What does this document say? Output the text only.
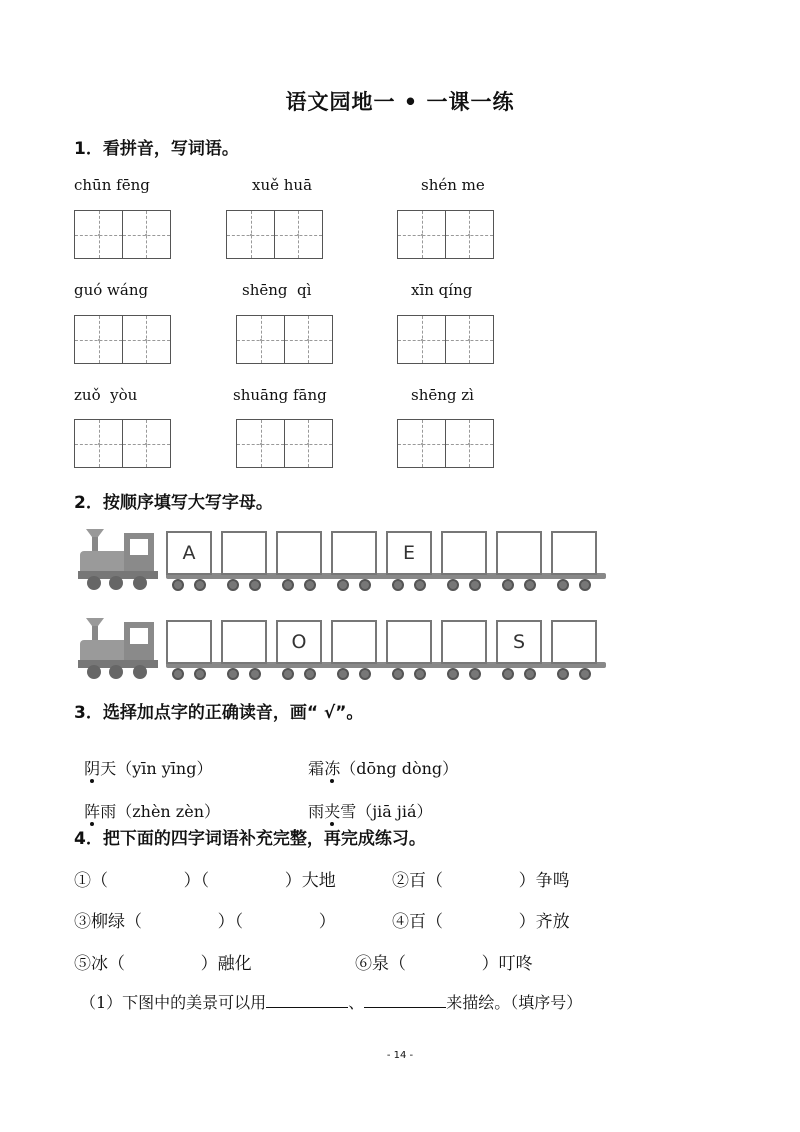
语文园地一 • 一课一练
1．看拼音，写词语。
chūn fēng	xuě huā	shén me
guó wáng	shēng  qì	xīn qíng
zuǒ  yòu	shuāng fāng	shēng zì
2．按顺序填写大写字母。
A	E
O	S
3．选择加点字的正确读音，画“ √”。

阴天（yīn yīng）	霜冻（dōng dòng）

阵雨（zhèn zèn）	雨夹雪（jiā jiá）

4．把下面的四字词语补充完整，再完成练习。
①（              ）（              ）大地	②百（              ）争鸣
③柳绿（              ）（              ）	④百（              ）齐放
⑤冰（              ）融化	⑥泉（              ）叮咚
（1）下图中的美景可以用	、	来描绘。（填序号）
- 14 -
